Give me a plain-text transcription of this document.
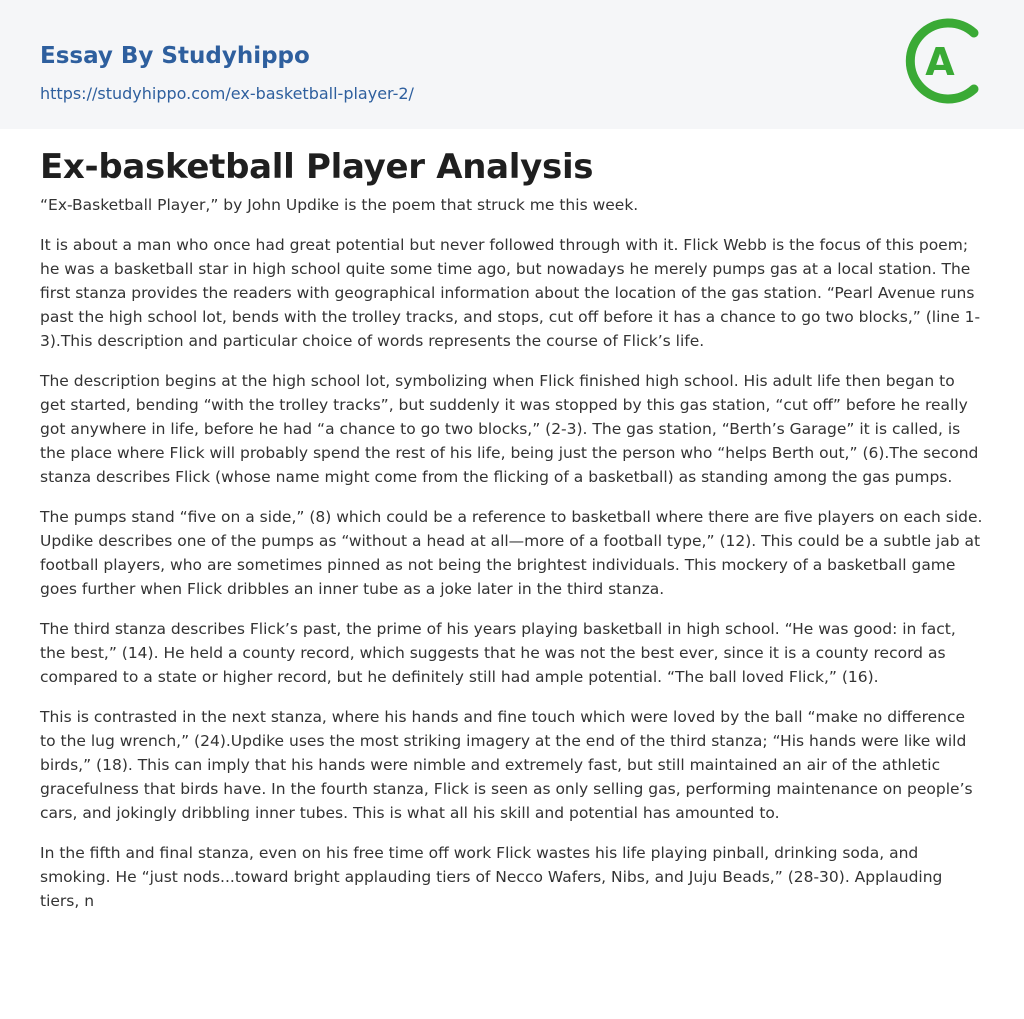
Essay By Studyhippo
https://studyhippo.com/ex-basketball-player-2/
A
Ex-basketball Player Analysis

“Ex-Basketball Player,” by John Updike is the poem that struck me this week.

It is about a man who once had great potential but never followed through with it. Flick Webb is the focus of this poem; he was a basketball star in high school quite some time ago, but nowadays he merely pumps gas at a local station. The first stanza provides the readers with geographical information about the location of the gas station. “Pearl Avenue runs past the high school lot, bends with the trolley tracks, and stops, cut off before it has a chance to go two blocks,” (line 1-3).This description and particular choice of words represents the course of Flick’s life.

The description begins at the high school lot, symbolizing when Flick finished high school. His adult life then began to get started, bending “with the trolley tracks”, but suddenly it was stopped by this gas station, “cut off” before he really got anywhere in life, before he had “a chance to go two blocks,” (2-3). The gas station, “Berth’s Garage” it is called, is the place where Flick will probably spend the rest of his life, being just the person who “helps Berth out,” (6).The second stanza describes Flick (whose name might come from the flicking of a basketball) as standing among the gas pumps.

The pumps stand “five on a side,” (8) which could be a reference to basketball where there are five players on each side. Updike describes one of the pumps as “without a head at all—more of a football type,” (12). This could be a subtle jab at football players, who are sometimes pinned as not being the brightest individuals. This mockery of a basketball game goes further when Flick dribbles an inner tube as a joke later in the third stanza.

The third stanza describes Flick’s past, the prime of his years playing basketball in high school. “He was good: in fact, the best,” (14). He held a county record, which suggests that he was not the best ever, since it is a county record as compared to a state or higher record, but he definitely still had ample potential. “The ball loved Flick,” (16).

This is contrasted in the next stanza, where his hands and fine touch which were loved by the ball “make no difference to the lug wrench,” (24).Updike uses the most striking imagery at the end of the third stanza; “His hands were like wild birds,” (18). This can imply that his hands were nimble and extremely fast, but still maintained an air of the athletic gracefulness that birds have. In the fourth stanza, Flick is seen as only selling gas, performing maintenance on people’s cars, and jokingly dribbling inner tubes. This is what all his skill and potential has amounted to.

In the fifth and final stanza, even on his free time off work Flick wastes his life playing pinball, drinking soda, and smoking. He “just nods...toward bright applauding tiers of Necco Wafers, Nibs, and Juju Beads,” (28-30). Applauding tiers, n
